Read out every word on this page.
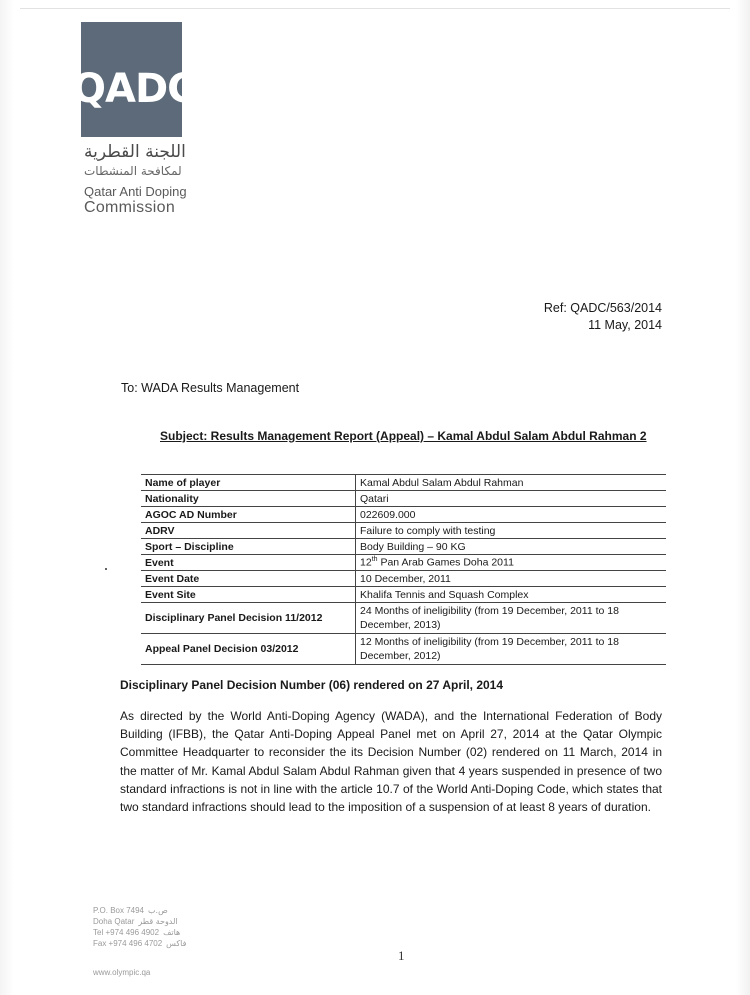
QADC
اللجنة القطرية
لمكافحة المنشطات
Qatar Anti Doping
Commission
Ref: QADC/563/2014
11 May, 2014
To: WADA Results Management
Subject: Results Management Report (Appeal) – Kamal Abdul Salam Abdul Rahman 2
Name of player	Kamal Abdul Salam Abdul Rahman
Nationality	Qatari
AGOC AD Number	022609.000
ADRV	Failure to comply with testing
Sport – Discipline	Body Building – 90 KG
Event	12th Pan Arab Games Doha 2011
Event Date	10 December, 2011
Event Site	Khalifa Tennis and Squash Complex
Disciplinary Panel Decision 11/2012	24 Months of ineligibility (from 19 December, 2011 to 18 December, 2013)
Appeal Panel Decision 03/2012	12 Months of ineligibility (from 19 December, 2011 to 18 December, 2012)
Disciplinary Panel Decision Number (06) rendered on 27 April, 2014
As directed by the World Anti-Doping Agency (WADA), and the International Federation of Body Building (IFBB), the Qatar Anti-Doping Appeal Panel met on April 27, 2014 at the Qatar Olympic Committee Headquarter to reconsider the its Decision Number (02) rendered on 11 March, 2014 in the matter of Mr. Kamal Abdul Salam Abdul Rahman given that 4 years suspended in presence of two standard infractions is not in line with the article 10.7 of the World Anti-Doping Code, which states that two standard infractions should lead to the imposition of a suspension of at least 8 years of duration.
P.O. Box 7494 ص.ب
Doha Qatar الدوحة قطر
Tel +974 496 4902 هاتف
Fax +974 496 4702 فاكس
1
www.olympic.qa
